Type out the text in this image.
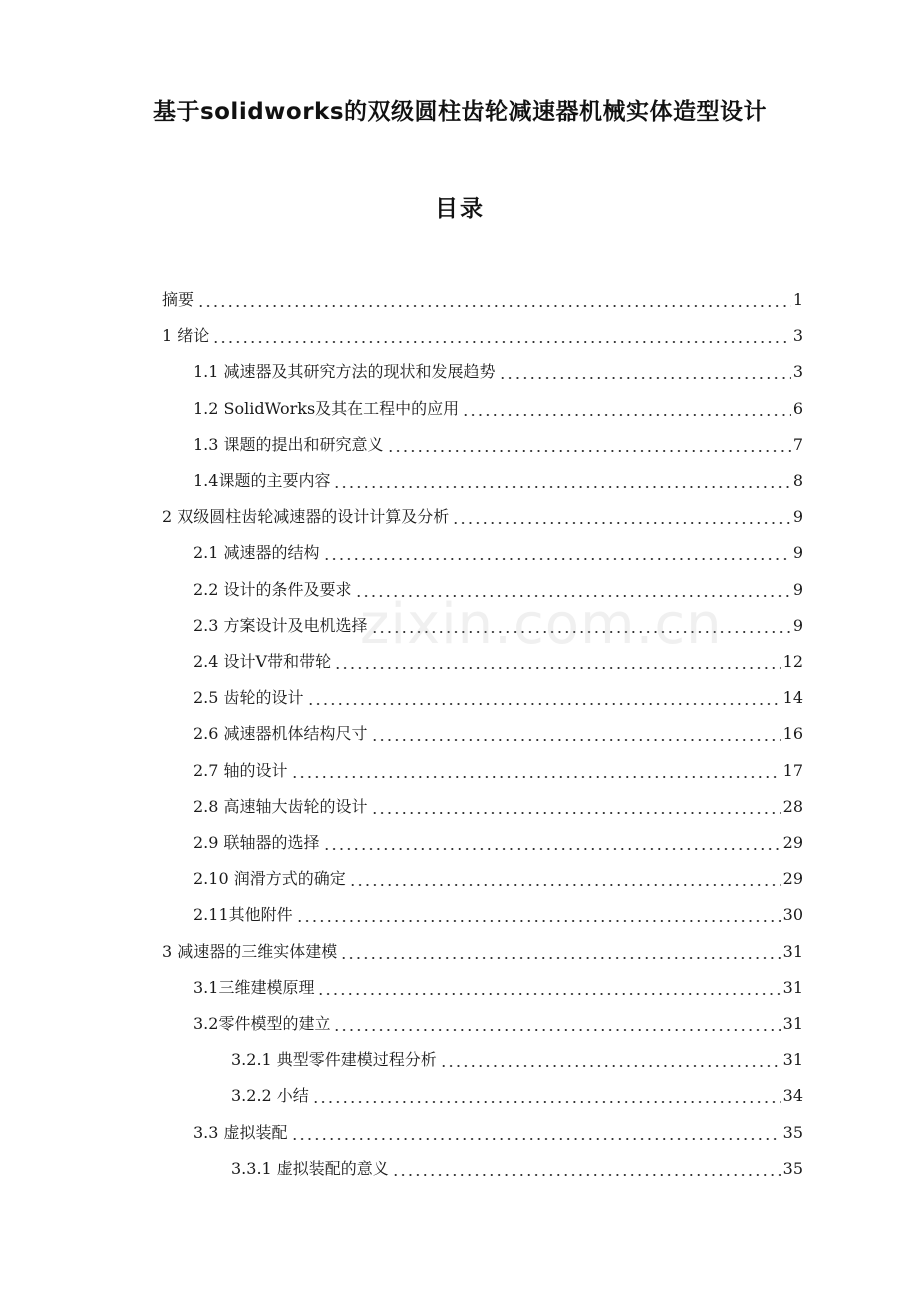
基于solidworks的双级圆柱齿轮减速器机械实体造型设计
目录
摘要	1
1 绪论	3
1.1 减速器及其研究方法的现状和发展趋势	3
1.2 SolidWorks及其在工程中的应用	6
1.3 课题的提出和研究意义	7
1.4课题的主要内容	8
2 双级圆柱齿轮减速器的设计计算及分析	9
2.1 减速器的结构	9
2.2 设计的条件及要求	9
2.3 方案设计及电机选择	9
2.4 设计V带和带轮	12
2.5 齿轮的设计	14
2.6 减速器机体结构尺寸	16
2.7 轴的设计	17
2.8 高速轴大齿轮的设计	28
2.9 联轴器的选择	29
2.10 润滑方式的确定	29
2.11其他附件	30
3 减速器的三维实体建模	31
3.1三维建模原理	31
3.2零件模型的建立	31
3.2.1 典型零件建模过程分析	31
3.2.2 小结	34
3.3 虚拟装配	35
3.3.1 虚拟装配的意义	35
zixin.com.cn
